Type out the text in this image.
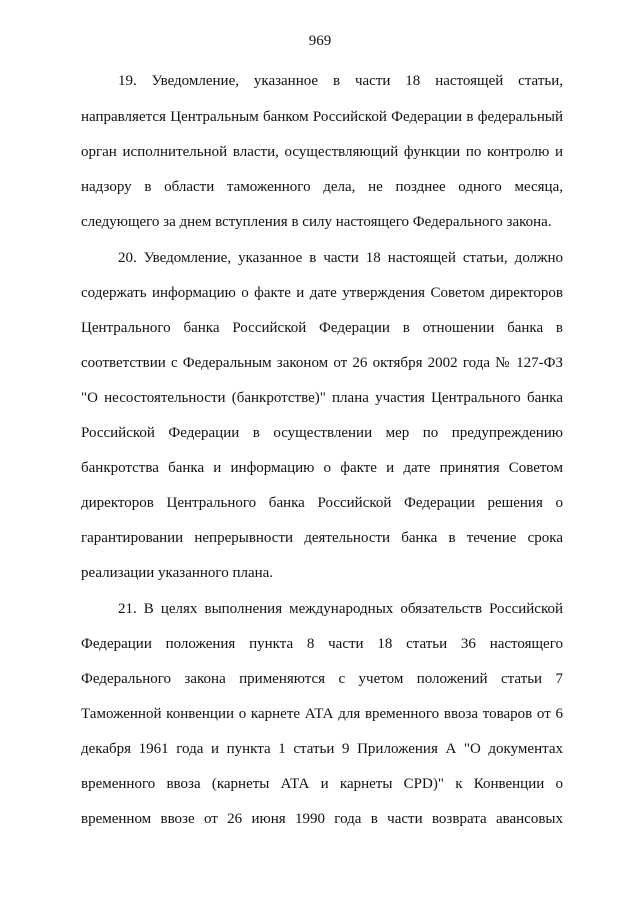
969
19. Уведомление, указанное в части 18 настоящей статьи,
направляется Центральным банком Российской Федерации в федеральный
орган исполнительной власти, осуществляющий функции по контролю и
надзору в области таможенного дела, не позднее одного месяца,
следующего за днем вступления в силу настоящего Федерального закона.
20. Уведомление, указанное в части 18 настоящей статьи, должно
содержать информацию о факте и дате утверждения Советом директоров
Центрального банка Российской Федерации в отношении банка в
соответствии с Федеральным законом от 26 октября 2002 года № 127-ФЗ
"О несостоятельности (банкротстве)" плана участия Центрального банка
Российской Федерации в осуществлении мер по предупреждению
банкротства банка и информацию о факте и дате принятия Советом
директоров Центрального банка Российской Федерации решения о
гарантировании непрерывности деятельности банка в течение срока
реализации указанного плана.
21. В целях выполнения международных обязательств Российской
Федерации положения пункта 8 части 18 статьи 36 настоящего
Федерального закона применяются с учетом положений статьи 7
Таможенной конвенции о карнете АТА для временного ввоза товаров от 6
декабря 1961 года и пункта 1 статьи 9 Приложения А "О документах
временного ввоза (карнеты АТА и карнеты CPD)" к Конвенции о
временном ввозе от 26 июня 1990 года в части возврата авансовых
